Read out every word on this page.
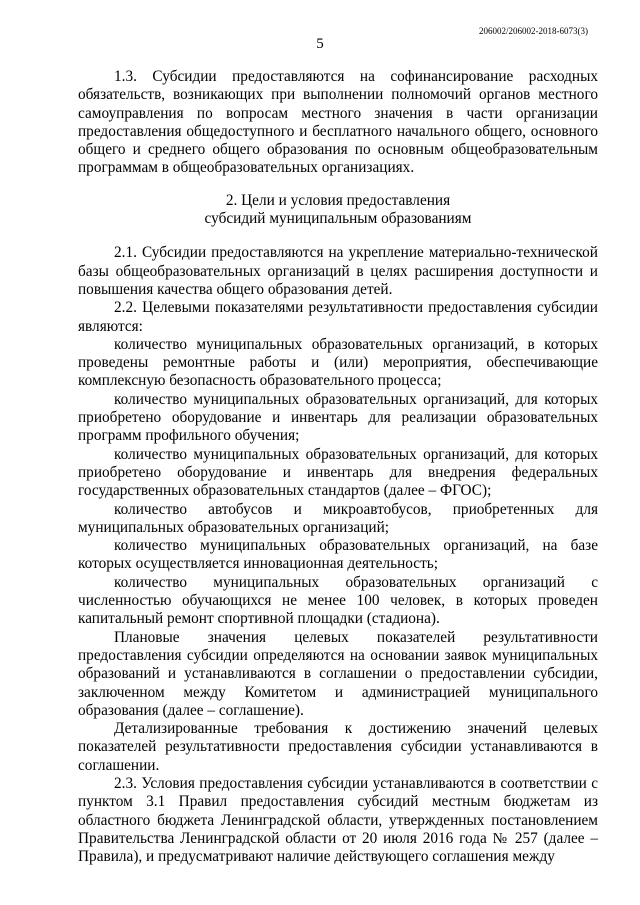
206002/206002-2018-6073(3)
5

1.3. Субсидии предоставляются на софинансирование расходных обязательств, возникающих при выполнении полномочий органов местного самоуправления по вопросам местного значения в части организации предоставления общедоступного и бесплатного начального общего, основного общего и среднего общего образования по основным общеобразовательным программам в общеобразовательных организациях.

2. Цели и условия предоставления
субсидий муниципальным образованиям

2.1. Субсидии предоставляются на укрепление материально-технической базы общеобразовательных организаций в целях расширения доступности и повышения качества общего образования детей.

2.2. Целевыми показателями результативности предоставления субсидии являются:

количество муниципальных образовательных организаций, в которых проведены ремонтные работы и (или) мероприятия, обеспечивающие комплексную безопасность образовательного процесса;

количество муниципальных образовательных организаций, для которых приобретено оборудование и инвентарь для реализации образовательных программ профильного обучения;

количество муниципальных образовательных организаций, для которых приобретено оборудование и инвентарь для внедрения федеральных государственных образовательных стандартов (далее – ФГОС);

количество автобусов и микроавтобусов, приобретенных для муниципальных образовательных организаций;

количество муниципальных образовательных организаций, на базе которых осуществляется инновационная деятельность;

количество муниципальных образовательных организаций с численностью обучающихся не менее 100 человек, в которых проведен капитальный ремонт спортивной площадки (стадиона).

Плановые значения целевых показателей результативности предоставления субсидии определяются на основании заявок муниципальных образований и устанавливаются в соглашении о предоставлении субсидии, заключенном между Комитетом и администрацией муниципального образования (далее – соглашение).

Детализированные требования к достижению значений целевых показателей результативности предоставления субсидии устанавливаются в соглашении.

2.3. Условия предоставления субсидии устанавливаются в соответствии с пунктом 3.1 Правил предоставления субсидий местным бюджетам из областного бюджета Ленинградской области, утвержденных постановлением Правительства Ленинградской области от 20 июля 2016 года № 257 (далее – Правила), и предусматривают наличие действующего соглашения между
